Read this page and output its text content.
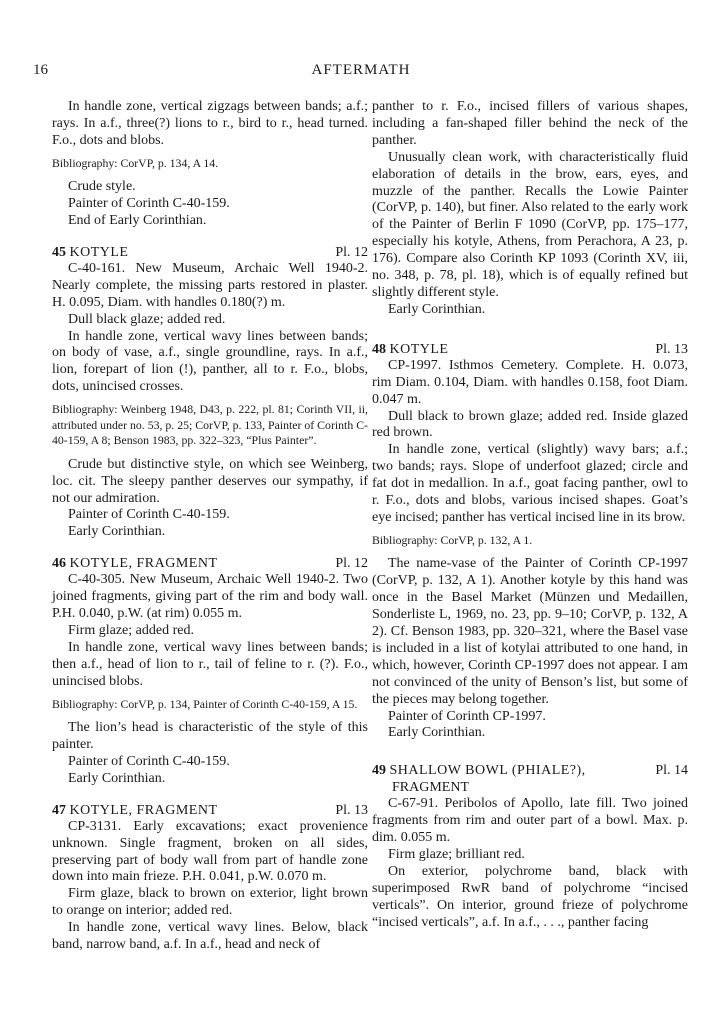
16	AFTERMATH

In handle zone, vertical zigzags between bands; a.f.; rays. In a.f., three(?) lions to r., bird to r., head turned. F.o., dots and blobs.

Bibliography: CorVP, p. 134, A 14.

Crude style.

Painter of Corinth C-40-159.

End of Early Corinthian.

45 KOTYLE	Pl. 12

C-40-161. New Museum, Archaic Well 1940-2. Nearly complete, the missing parts restored in plaster. H. 0.095, Diam. with handles 0.180(?) m.

Dull black glaze; added red.

In handle zone, vertical wavy lines between bands; on body of vase, a.f., single groundline, rays. In a.f., lion, forepart of lion (!), panther, all to r. F.o., blobs, dots, unincised crosses.

Bibliography: Weinberg 1948, D43, p. 222, pl. 81; Corinth VII, ii, attributed under no. 53, p. 25; CorVP, p. 133, Painter of Corinth C-40-159, A 8; Benson 1983, pp. 322–323, “Plus Painter”.

Crude but distinctive style, on which see Weinberg, loc. cit. The sleepy panther deserves our sympathy, if not our admiration.

Painter of Corinth C-40-159.

Early Corinthian.

46 KOTYLE, FRAGMENT	Pl. 12

C-40-305. New Museum, Archaic Well 1940-2. Two joined fragments, giving part of the rim and body wall. P.H. 0.040, p.W. (at rim) 0.055 m.

Firm glaze; added red.

In handle zone, vertical wavy lines between bands; then a.f., head of lion to r., tail of feline to r. (?). F.o., unincised blobs.

Bibliography: CorVP, p. 134, Painter of Corinth C-40-159, A 15.

The lion’s head is characteristic of the style of this painter.

Painter of Corinth C-40-159.

Early Corinthian.

47 KOTYLE, FRAGMENT	Pl. 13

CP-3131. Early excavations; exact provenience unknown. Single fragment, broken on all sides, preserving part of body wall from part of handle zone down into main frieze. P.H. 0.041, p.W. 0.070 m.

Firm glaze, black to brown on exterior, light brown to orange on interior; added red.

In handle zone, vertical wavy lines. Below, black band, narrow band, a.f. In a.f., head and neck of

panther to r. F.o., incised fillers of various shapes, including a fan-shaped filler behind the neck of the panther.

Unusually clean work, with characteristically fluid elaboration of details in the brow, ears, eyes, and muzzle of the panther. Recalls the Lowie Painter (CorVP, p. 140), but finer. Also related to the early work of the Painter of Berlin F 1090 (CorVP, pp. 175–177, especially his kotyle, Athens, from Perachora, A 23, p. 176). Compare also Corinth KP 1093 (Corinth XV, iii, no. 348, p. 78, pl. 18), which is of equally refined but slightly different style.

Early Corinthian.

48 KOTYLE	Pl. 13

CP-1997. Isthmos Cemetery. Complete. H. 0.073, rim Diam. 0.104, Diam. with handles 0.158, foot Diam. 0.047 m.

Dull black to brown glaze; added red. Inside glazed red brown.

In handle zone, vertical (slightly) wavy bars; a.f.; two bands; rays. Slope of underfoot glazed; circle and fat dot in medallion. In a.f., goat facing panther, owl to r. F.o., dots and blobs, various incised shapes. Goat’s eye incised; panther has vertical incised line in its brow.

Bibliography: CorVP, p. 132, A 1.

The name-vase of the Painter of Corinth CP-1997 (CorVP, p. 132, A 1). Another kotyle by this hand was once in the Basel Market (Münzen und Medaillen, Sonderliste L, 1969, no. 23, pp. 9–10; CorVP, p. 132, A 2). Cf. Benson 1983, pp. 320–321, where the Basel vase is included in a list of kotylai attributed to one hand, in which, however, Corinth CP-1997 does not appear. I am not convinced of the unity of Benson’s list, but some of the pieces may belong together.

Painter of Corinth CP-1997.

Early Corinthian.

49 SHALLOW BOWL (PHIALE?),	Pl. 14
FRAGMENT

C-67-91. Peribolos of Apollo, late fill. Two joined fragments from rim and outer part of a bowl. Max. p. dim. 0.055 m.

Firm glaze; brilliant red.

On exterior, polychrome band, black with superimposed RwR band of polychrome “incised verticals”. On interior, ground frieze of polychrome “incised verticals”, a.f. In a.f., . . ., panther facing
